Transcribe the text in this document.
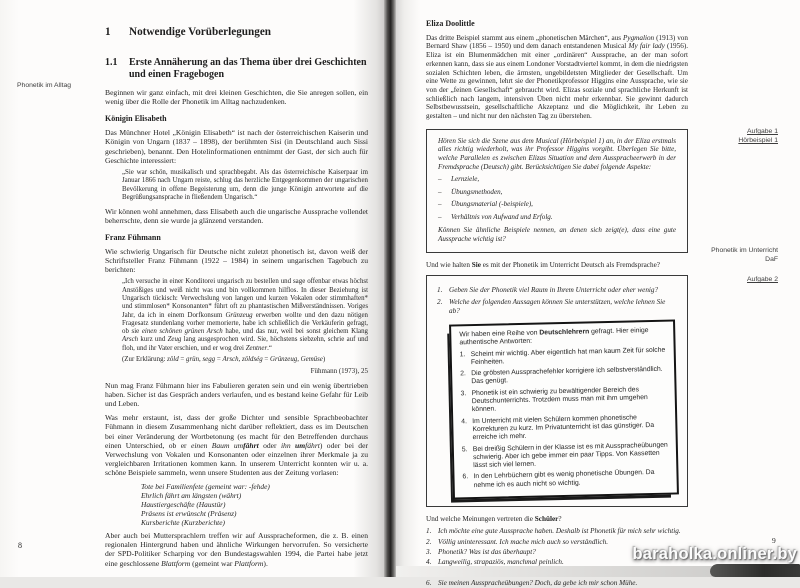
Phonetik im Alltag
8
1	Notwendige Vorüberlegungen
1.1	Erste Annäherung an das Thema über drei Geschichten und einen Fragebogen

Beginnen wir ganz einfach, mit drei kleinen Geschichten, die Sie anregen sollen, ein wenig über die Rolle der Phonetik im Alltag nachzudenken.

Königin Elisabeth

Das Münchner Hotel „Königin Elisabeth“ ist nach der österreichischen Kaiserin und Königin von Ungarn (1837 – 1898), der berühmten Sisi (in Deutschland auch Sissi geschrieben), benannt. Den Hotelinformationen entnimmt der Gast, der sich auch für Geschichte interessiert:

„Sie war schön, musikalisch und sprachbegabt. Als das österreichische Kaiserpaar im Januar 1866 nach Ungarn reiste, schlug das herzliche Entgegenkommen der ungarischen Bevölkerung in offene Begeisterung um, denn die junge Königin antwortete auf die Begrüßungsansprache in fließendem Ungarisch.“

Wir können wohl annehmen, dass Elisabeth auch die ungarische Aussprache vollendet beherrschte, denn sie wurde ja glänzend verstanden.

Franz Fühmann

Wie schwierig Ungarisch für Deutsche nicht zuletzt phonetisch ist, davon weiß der Schriftsteller Franz Fühmann (1922 – 1984) in seinem ungarischen Tagebuch zu berichten:

„Ich versuche in einer Konditorei ungarisch zu bestellen und sage offenbar etwas höchst Anstößiges und weiß nicht was und bin vollkommen hilflos. In dieser Beziehung ist Ungarisch tückisch: Verwechslung von langen und kurzen Vokalen oder stimmhaften* und stimmlosen* Konsonanten* führt oft zu phantastischen Mißverständnissen. Voriges Jahr, da ich in einem Dorfkonsum Grünzeug erwerben wollte und den dazu nötigen Fragesatz stundenlang vorher memorierte, habe ich schließlich die Verkäuferin gefragt, ob sie einen schönen grünen Arsch habe, und das nur, weil bei sonst gleichem Klang Arsch kurz und Zeug lang ausgesprochen wird. Sie, höchstens siebzehn, schrie auf und floh, und ihr Vater erschien, und er wog drei Zentner.“
(Zur Erklärung: zöld = grün, segg = Arsch, zöldség = Grünzeug, Gemüse)
Fühmann (1973), 25

Nun mag Franz Fühmann hier ins Fabulieren geraten sein und ein wenig übertrieben haben. Sicher ist das Gespräch anders verlaufen, und es bestand keine Gefahr für Leib und Leben.

Was mehr erstaunt, ist, dass der große Dichter und sensible Sprachbeobachter Fühmann in diesem Zusammenhang nicht darüber reflektiert, dass es im Deutschen bei einer Veränderung der Wortbetonung (es macht für den Betreffenden durchaus einen Unterschied, ob er einen Baum umfährt oder ihn umfährt) oder bei der Verwechslung von Vokalen und Konsonanten oder einzelnen ihrer Merkmale ja zu vergleichbaren Irritationen kommen kann. In unserem Unterricht konnten wir u. a. schöne Beispiele sammeln, wenn unsere Studenten aus der Zeitung vorlasen:

Tote bei Familienfete (gemeint war: -fehde)
Ehrlich fährt am längsten (währt)
Haustiergeschäfte (Haustür)
Präsens ist erwünscht (Präsenz)
Kursberichte (Kurzberichte)

Aber auch bei Muttersprachlern treffen wir auf Ausspracheformen, die z. B. einen regionalen Hintergrund haben und ähnliche Wirkungen hervorrufen. So versicherte der SPD-Politiker Scharping vor den Bundestagswahlen 1994, die Partei habe jetzt eine geschlossene Blattform (gemeint war Plattform).

Aufgabe 1
Hörbeispiel 1
Phonetik im Unterricht
DaF
Aufgabe 2
Eliza Doolittle

Das dritte Beispiel stammt aus einem „phonetischen Märchen“, aus Pygmalion (1913) von Bernard Shaw (1856 – 1950) und dem danach entstandenen Musical My fair lady (1956). Eliza ist ein Blumenmädchen mit einer „ordinären“ Aussprache, an der man sofort erkennen kann, dass sie aus einem Londoner Vorstadtviertel kommt, in dem die niedrigsten sozialen Schichten leben, die ärmsten, ungebildetsten Mitglieder der Gesellschaft. Um eine Wette zu gewinnen, lehrt sie der Phonetikprofessor Higgins eine Aussprache, wie sie von der „feinen Gesellschaft“ gebraucht wird. Elizas soziale und sprachliche Herkunft ist schließlich nach langem, intensiven Üben nicht mehr erkennbar. Sie gewinnt dadurch Selbstbewusstsein, gesellschaftliche Akzeptanz und die Möglichkeit, ihr Leben zu gestalten – und nicht nur den nächsten Tag zu überstehen.

Hören Sie sich die Szene aus dem Musical (Hörbeispiel 1) an, in der Eliza erstmals alles richtig wiederholt, was ihr Professor Higgins vorgibt. Überlegen Sie bitte, welche Parallelen es zwischen Elizas Situation und dem Ausspracheerwerb in der Fremdsprache (Deutsch) gibt. Berücksichtigen Sie dabei folgende Aspekte:
–	Lernziele,
–	Übungsmethoden,
–	Übungsmaterial (-beispiele),
–	Verhältnis von Aufwand und Erfolg.
Können Sie ähnliche Beispiele nennen, an denen sich zeigt(e), dass eine gute Aussprache wichtig ist?
Und wie halten Sie es mit der Phonetik im Unterricht Deutsch als Fremdsprache?
1. Geben Sie der Phonetik viel Raum in Ihrem Unterricht oder eher wenig?
2. Welche der folgenden Aussagen können Sie unterstützen, welche lehnen Sie ab?
Wir haben eine Reihe von Deutschlehrern gefragt. Hier einige authentische Antworten:
1. Scheint mir wichtig. Aber eigentlich hat man kaum Zeit für solche Feinheiten.
2. Die gröbsten Aussprachefehler korrigiere ich selbstverständlich. Das genügt.
3. Phonetik ist ein schwierig zu bewältigender Bereich des Deutschunterrichts. Trotzdem muss man mit ihm umgehen können.
4. Im Unterricht mit vielen Schülern kommen phonetische Korrekturen zu kurz. Im Privatunterricht ist das günstiger. Da erreiche ich mehr.
5. Bei dreißig Schülern in der Klasse ist es mit Ausspracheübungen schwierig. Aber ich gebe immer ein paar Tipps. Von Kassetten lässt sich viel lernen.
6. In den Lehrbüchern gibt es wenig phonetische Übungen. Da nehme ich es auch nicht so wichtig.
Und welche Meinungen vertreten die Schüler?
1. Ich möchte eine gute Aussprache haben. Deshalb ist Phonetik für mich sehr wichtig.
2. Völlig uninteressant. Ich mache mich auch so verständlich.
3. Phonetik? Was ist das überhaupt?
4. Langweilig, strapaziös, manchmal peinlich.
6. Sie meinen Ausspracheübungen? Doch, da gebe ich mir schon Mühe.
9
baraholka.onliner.by
